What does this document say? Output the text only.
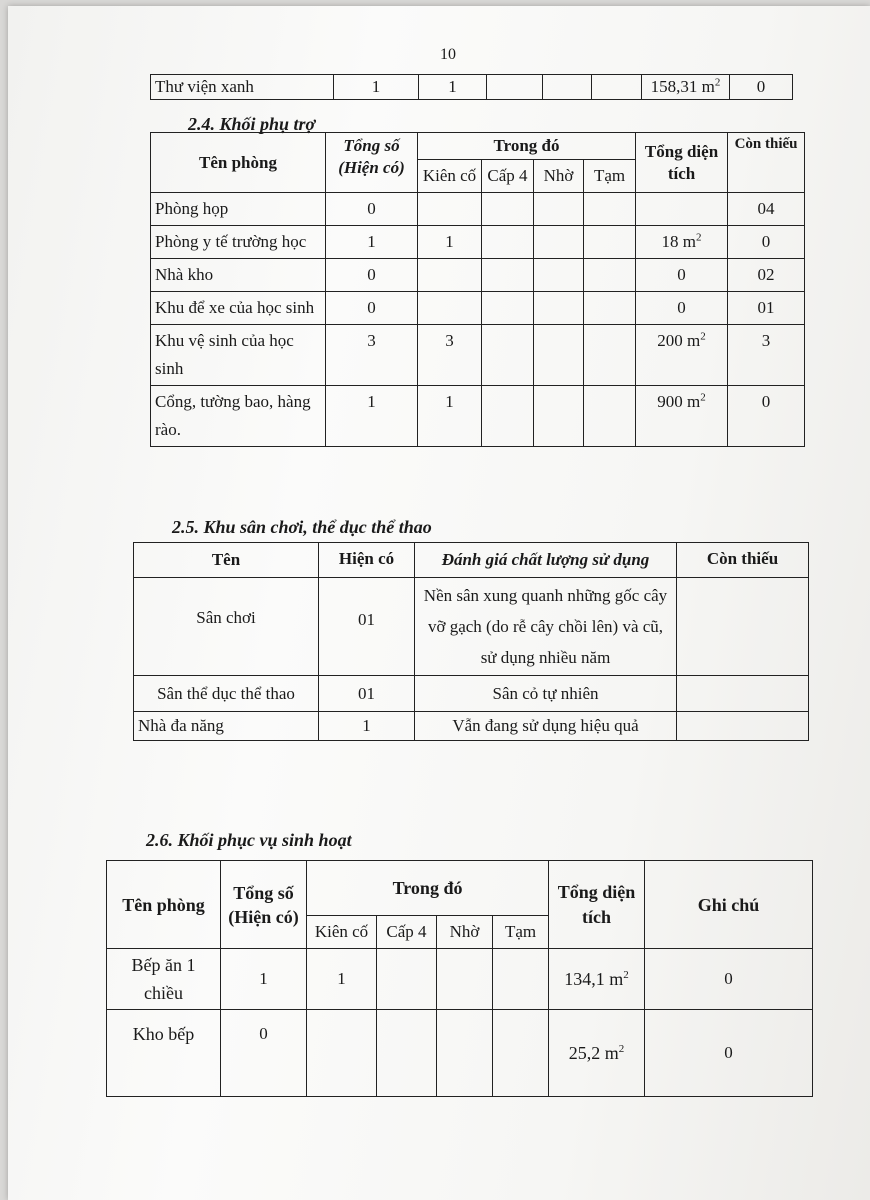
10
Thư viện xanh	1	1				158,31 $m^2$	0
2.4. Khối phụ trợ
Tên phòng	Tổng số (Hiện có)	Trong đó				Tổng diện tích	Còn thiếu
		Kiên cố	Cấp 4	Nhờ	Tạm		
Phòng họp	0						04
Phòng y tế trường học	1	1				18 $m^2$	0
Nhà kho	0					0	02
Khu để xe của học sinh	0					0	01
Khu vệ sinh của học sinh	3	3				200 $m^2$	3
Cổng, tường bao, hàng rào.	1	1				900 $m^2$	0
2.5. Khu sân chơi, thể dục thể thao
Tên	Hiện có	Đánh giá chất lượng sử dụng	Còn thiếu
Sân chơi	01	Nền sân xung quanh những gốc cây vỡ gạch (do rễ cây chồi lên) và cũ, sử dụng nhiều năm	
Sân thể dục thể thao	01	Sân cỏ tự nhiên	
Nhà đa năng	1	Vẫn đang sử dụng hiệu quả	
2.6. Khối phục vụ sinh hoạt
Tên phòng	Tổng số (Hiện có)	Trong đó				Tổng diện tích	Ghi chú
		Kiên cố	Cấp 4	Nhờ	Tạm		
Bếp ăn 1 chiều	1	1				134,1 $m^2$	0
Kho bếp	0					25,2 $m^2$	0
